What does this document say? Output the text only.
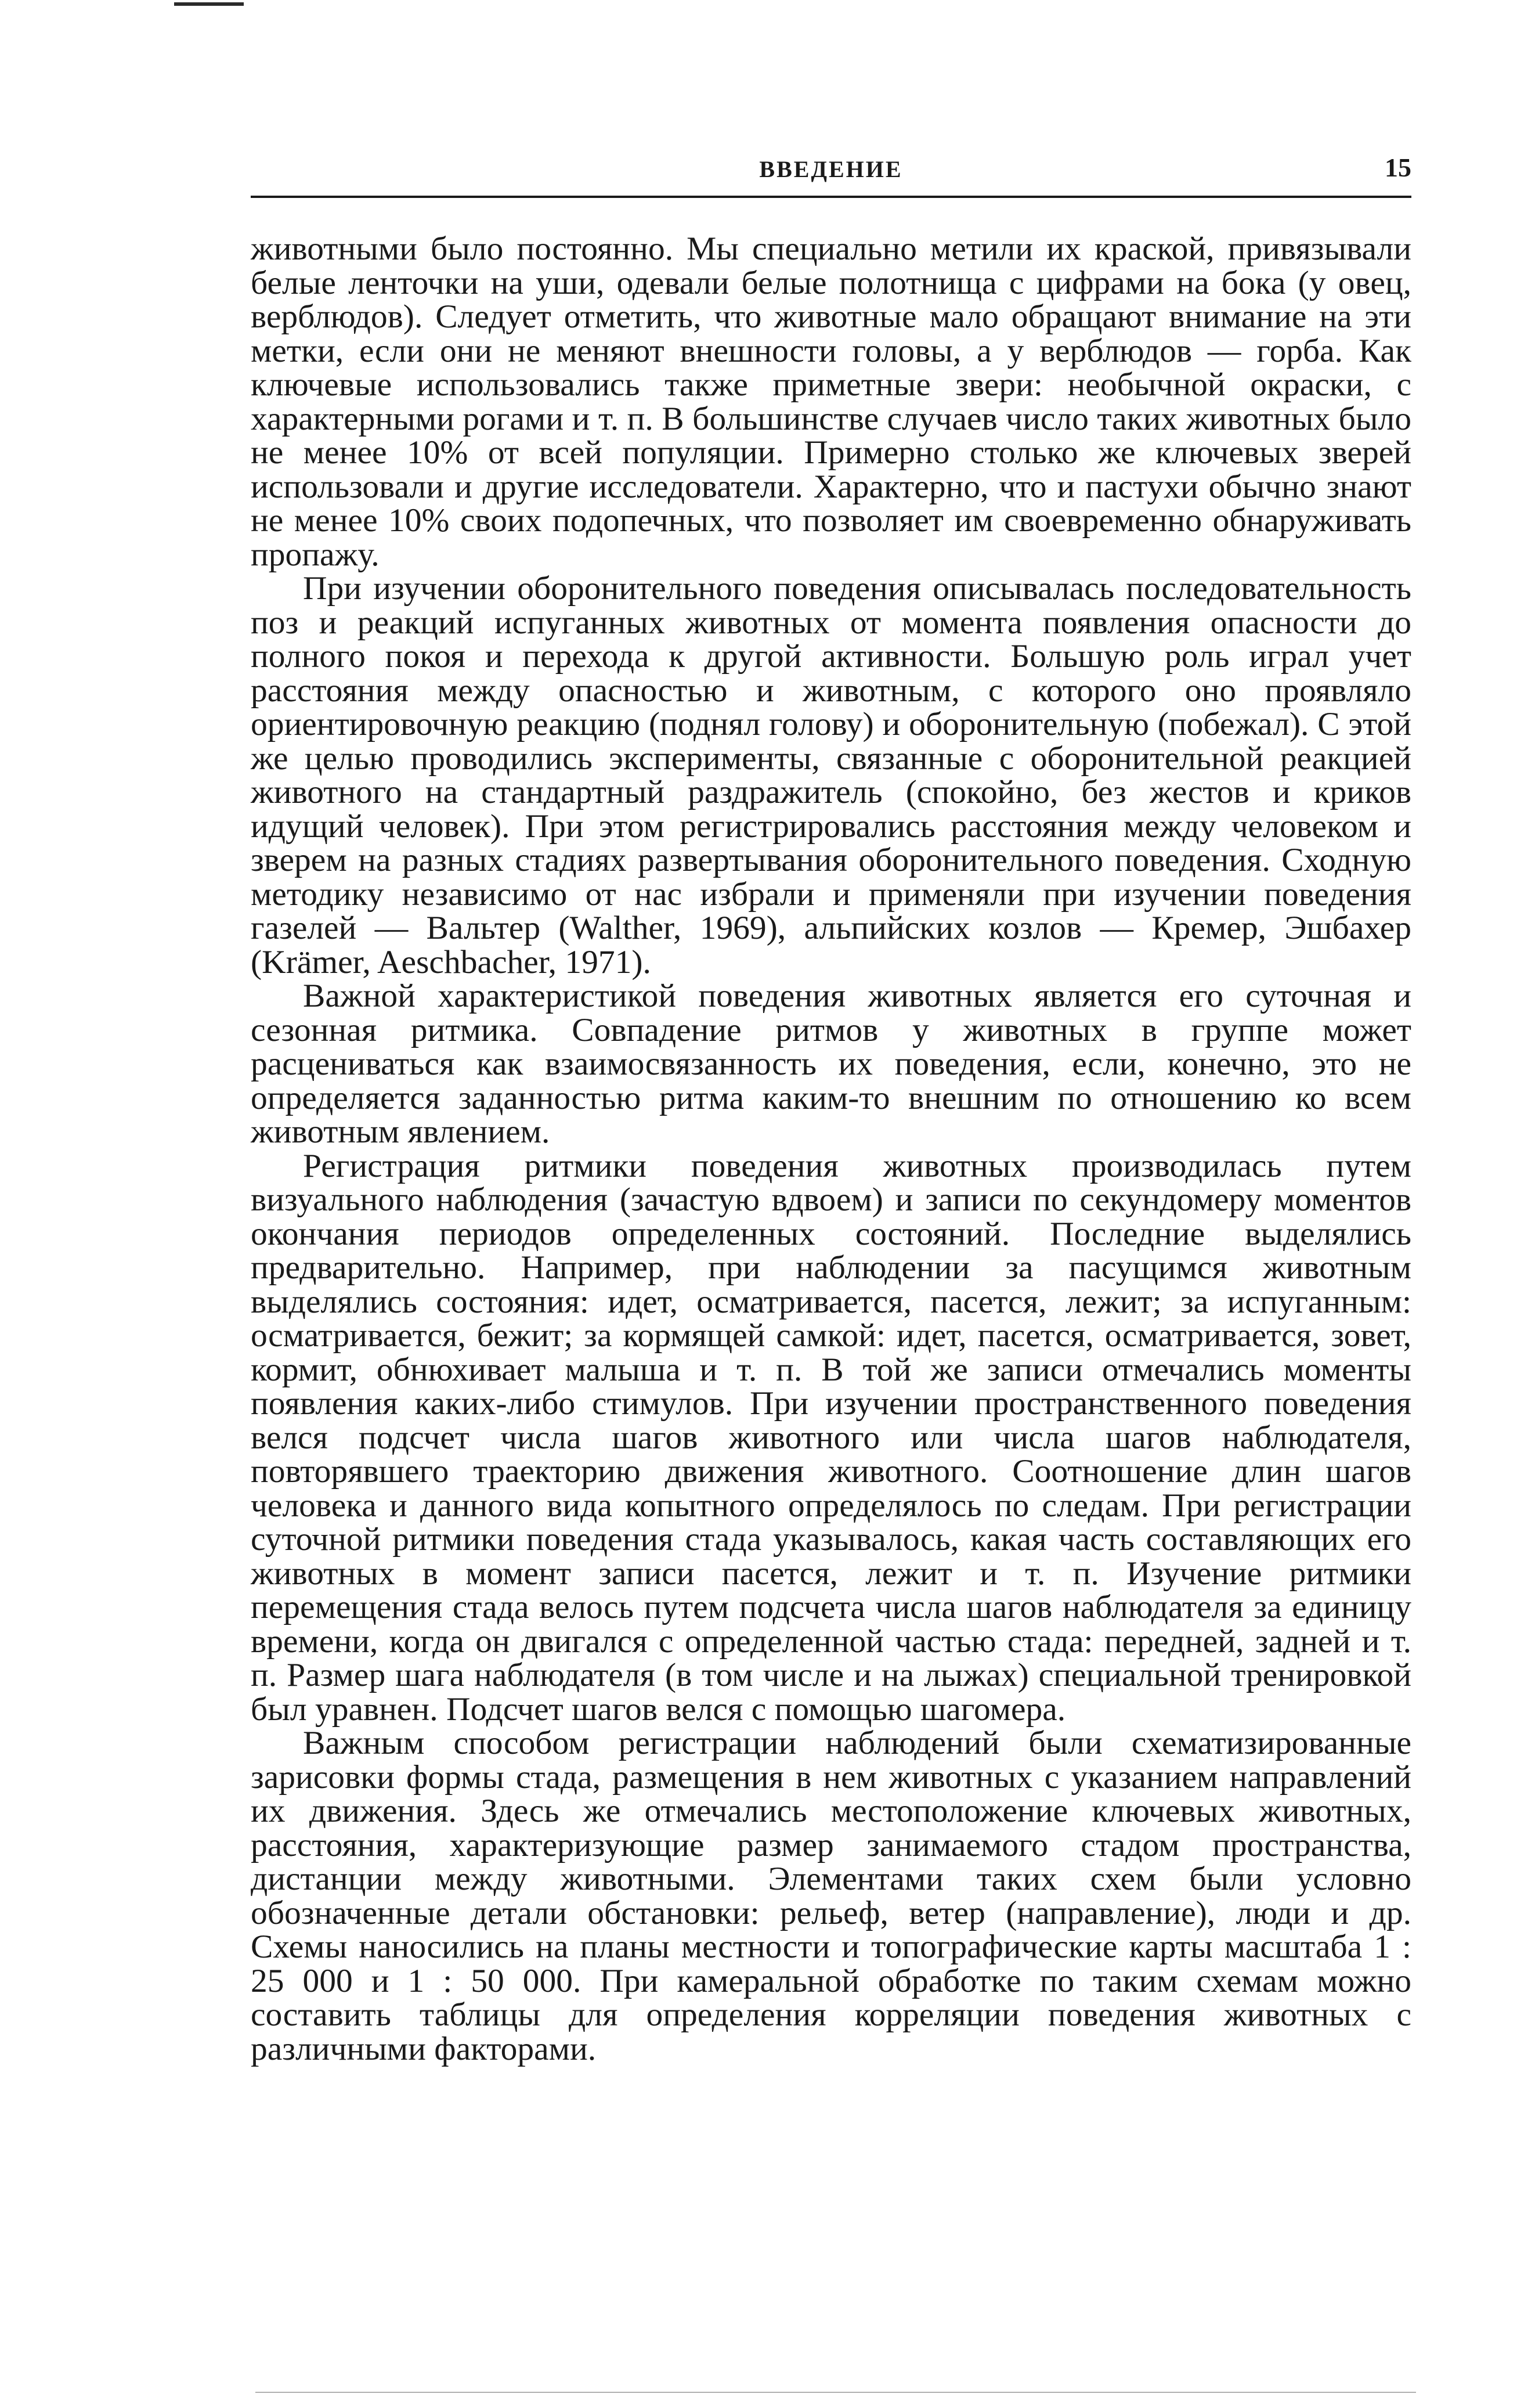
ВВЕДЕНИЕ	15

животными было постоянно. Мы специально метили их краской, привязывали белые ленточки на уши, одевали белые полотнища с цифрами на бока (у овец, верблюдов). Следует отметить, что животные мало обращают внимание на эти метки, если они не меняют внешности головы, а у верблюдов — горба. Как ключевые использовались также приметные звери: необычной окраски, с характерными рогами и т. п. В большинстве случаев число таких животных было не менее 10% от всей популяции. Примерно столько же ключевых зверей использовали и другие исследователи. Характерно, что и пастухи обычно знают не менее 10% своих подопечных, что позволяет им своевременно обнаруживать пропажу.

При изучении оборонительного поведения описывалась последовательность поз и реакций испуганных животных от момента появления опасности до полного покоя и перехода к другой активности. Большую роль играл учет расстояния между опасностью и животным, с которого оно проявляло ориентировочную реакцию (поднял голову) и оборонительную (побежал). С этой же целью проводились эксперименты, связанные с оборонительной реакцией животного на стандартный раздражитель (спокойно, без жестов и криков идущий человек). При этом регистрировались расстояния между человеком и зверем на разных стадиях развертывания оборонительного поведения. Сходную методику независимо от нас избрали и применяли при изучении поведения газелей — Вальтер (Walther, 1969), альпийских козлов — Кремер, Эшбахер (Krämer, Aeschbacher, 1971).

Важной характеристикой поведения животных является его суточная и сезонная ритмика. Совпадение ритмов у животных в группе может расцениваться как взаимосвязанность их поведения, если, конечно, это не определяется заданностью ритма каким-то внешним по отношению ко всем животным явлением.

Регистрация ритмики поведения животных производилась путем визуального наблюдения (зачастую вдвоем) и записи по секундомеру моментов окончания периодов определенных состояний. Последние выделялись предварительно. Например, при наблюдении за пасущимся животным выделялись состояния: идет, осматривается, пасется, лежит; за испуганным: осматривается, бежит; за кормящей самкой: идет, пасется, осматривается, зовет, кормит, обнюхивает малыша и т. п. В той же записи отмечались моменты появления каких-либо стимулов. При изучении пространственного поведения велся подсчет числа шагов животного или числа шагов наблюдателя, повторявшего траекторию движения животного. Соотношение длин шагов человека и данного вида копытного определялось по следам. При регистрации суточной ритмики поведения стада указывалось, какая часть составляющих его животных в момент записи пасется, лежит и т. п. Изучение ритмики перемещения стада велось путем подсчета числа шагов наблюдателя за единицу времени, когда он двигался с определенной частью стада: передней, задней и т. п. Размер шага наблюдателя (в том числе и на лыжах) специальной тренировкой был уравнен. Подсчет шагов велся с помощью шагомера.

Важным способом регистрации наблюдений были схематизированные зарисовки формы стада, размещения в нем животных с указанием направлений их движения. Здесь же отмечались местоположение ключевых животных, расстояния, характеризующие размер занимаемого стадом пространства, дистанции между животными. Элементами таких схем были условно обозначенные детали обстановки: рельеф, ветер (направление), люди и др. Схемы наносились на планы местности и топографические карты масштаба 1 : 25 000 и 1 : 50 000. При камеральной обработке по таким схемам можно составить таблицы для определения корреляции поведения животных с различными факторами.
